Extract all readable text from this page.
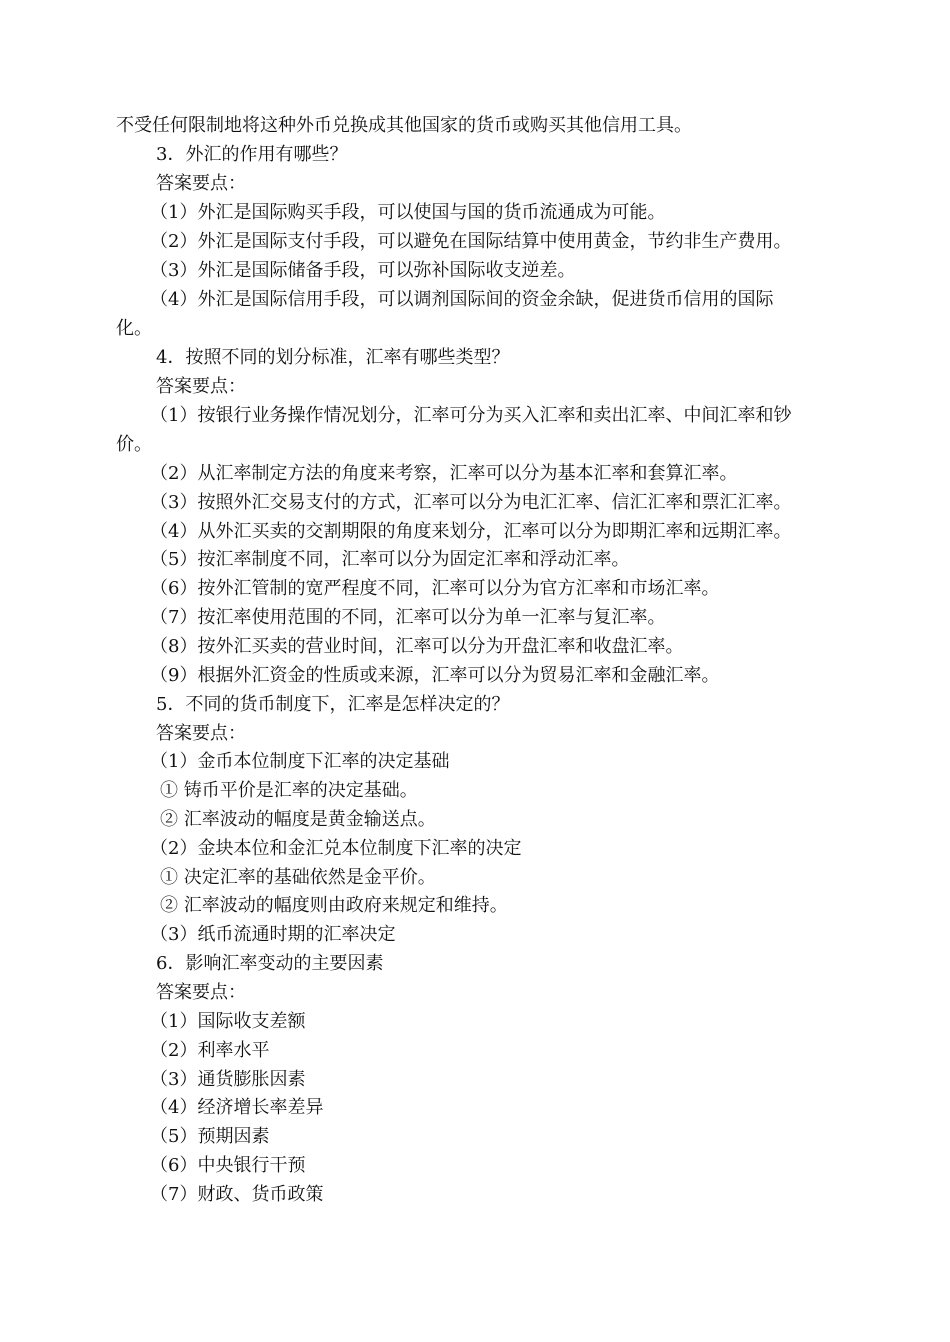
不受任何限制地将这种外币兑换成其他国家的货币或购买其他信用工具。
3．外汇的作用有哪些？
答案要点：
（1）外汇是国际购买手段，可以使国与国的货币流通成为可能。
（2）外汇是国际支付手段，可以避免在国际结算中使用黄金，节约非生产费用。
（3）外汇是国际储备手段，可以弥补国际收支逆差。
（4）外汇是国际信用手段，可以调剂国际间的资金余缺，促进货币信用的国际
化。
4．按照不同的划分标准，汇率有哪些类型？
答案要点：
（1）按银行业务操作情况划分，汇率可分为买入汇率和卖出汇率、中间汇率和钞
价。
（2）从汇率制定方法的角度来考察，汇率可以分为基本汇率和套算汇率。
（3）按照外汇交易支付的方式，汇率可以分为电汇汇率、信汇汇率和票汇汇率。
（4）从外汇买卖的交割期限的角度来划分，汇率可以分为即期汇率和远期汇率。
（5）按汇率制度不同，汇率可以分为固定汇率和浮动汇率。
（6）按外汇管制的宽严程度不同，汇率可以分为官方汇率和市场汇率。
（7）按汇率使用范围的不同，汇率可以分为单一汇率与复汇率。
（8）按外汇买卖的营业时间，汇率可以分为开盘汇率和收盘汇率。
（9）根据外汇资金的性质或来源，汇率可以分为贸易汇率和金融汇率。
5．不同的货币制度下，汇率是怎样决定的？
答案要点：
（1）金币本位制度下汇率的决定基础
① 铸币平价是汇率的决定基础。
② 汇率波动的幅度是黄金输送点。
（2）金块本位和金汇兑本位制度下汇率的决定
① 决定汇率的基础依然是金平价。
② 汇率波动的幅度则由政府来规定和维持。
（3）纸币流通时期的汇率决定
6．影响汇率变动的主要因素
答案要点：
（1）国际收支差额
（2）利率水平
（3）通货膨胀因素
（4）经济增长率差异
（5）预期因素
（6）中央银行干预
（7）财政、货币政策
